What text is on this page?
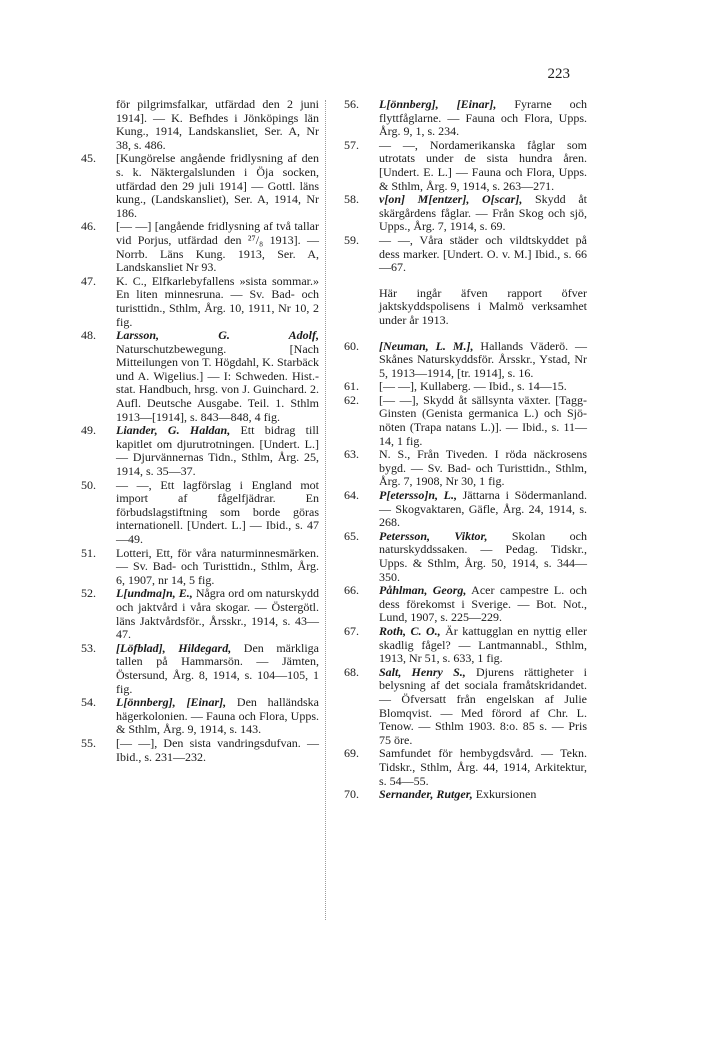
223

för pilgrimsfalkar, utfärdad den 2 juni 1914]. — K. Befhdes i Jönköpings län Kung., 1914, Landskansliet, Ser. A, Nr 38, s. 486.

45. [Kungörelse angående fridlysning af den s. k. Näktergalslunden i Öja socken, utfärdad den 29 juli 1914] — Gottl. läns kung., (Landskansliet), Ser. A, 1914, Nr 186.

46. [— —] [angående fridlysning af två tallar vid Porjus, utfärdad den ²⁷/₈ 1913]. — Norrb. Läns Kung. 1913, Ser. A, Landskansliet Nr 93.

47. K. C., Elfkarlebyfallens »sista sommar.» En liten minnesruna. — Sv. Bad- och turisttidn., Sthlm, Årg. 10, 1911, Nr 10, 2 fig.

48. Larsson, G. Adolf, Naturschutzbewegung. [Nach Mitteilungen von T. Högdahl, K. Starbäck und A. Wigelius.] — I: Schweden. Hist.-stat. Handbuch, hrsg. von J. Guinchard. 2. Aufl. Deutsche Ausgabe. Teil. 1. Sthlm 1913—[1914], s. 843—848, 4 fig.

49. Liander, G. Haldan, Ett bidrag till kapitlet om djurutrotningen. [Undert. L.] — Djurvännernas Tidn., Sthlm, Årg. 25, 1914, s. 35—37.

50. — —, Ett lagförslag i England mot import af fågelfjädrar. En förbudslagstiftning som borde göras internationell. [Undert. L.] — Ibid., s. 47—49.

51. Lotteri, Ett, för våra naturminnesmärken. — Sv. Bad- och Turisttidn., Sthlm, Årg. 6, 1907, nr 14, 5 fig.

52. L[undma]n, E., Några ord om naturskydd och jaktvård i våra skogar. — Östergötl. läns Jaktvårdsför., Årsskr., 1914, s. 43—47.

53. [Löfblad], Hildegard, Den märkliga tallen på Hammarsön. — Jämten, Östersund, Årg. 8, 1914, s. 104—105, 1 fig.

54. L[önnberg], [Einar], Den halländska hägerkolonien. — Fauna och Flora, Upps. & Sthlm, Årg. 9, 1914, s. 143.

55. [— —], Den sista vandringsdufvan. — Ibid., s. 231—232.

56. L[önnberg], [Einar], Fyrarne och flyttfåglarne. — Fauna och Flora, Upps. Årg. 9, 1, s. 234.

57. — —, Nordamerikanska fåglar som utrotats under de sista hundra åren. [Undert. E. L.] — Fauna och Flora, Upps. & Sthlm, Årg. 9, 1914, s. 263—271.

58. v[on] M[entzer], O[scar], Skydd åt skärgårdens fåglar. — Från Skog och sjö, Upps., Årg. 7, 1914, s. 69.

59. — —, Våra städer och vildtskyddet på dess marker. [Undert. O. v. M.] Ibid., s. 66—67.

Här ingår äfven rapport öfver jaktskyddspolisens i Malmö verksamhet under år 1913.

60. [Neuman, L. M.], Hallands Väderö. — Skånes Naturskyddsför. Årsskr., Ystad, Nr 5, 1913—1914, [tr. 1914], s. 16.

61. [— —], Kullaberg. — Ibid., s. 14—15.

62. [— —], Skydd åt sällsynta växter. [Tagg-Ginsten (Genista germanica L.) och Sjö-nöten (Trapa natans L.)]. — Ibid., s. 11—14, 1 fig.

63. N. S., Från Tiveden. I röda näckrosens bygd. — Sv. Bad- och Turisttidn., Sthlm, Årg. 7, 1908, Nr 30, 1 fig.

64. P[etersso]n, L., Jättarna i Södermanland. — Skogvaktaren, Gäfle, Årg. 24, 1914, s. 268.

65. Petersson, Viktor, Skolan och naturskyddssaken. — Pedag. Tidskr., Upps. & Sthlm, Årg. 50, 1914, s. 344—350.

66. Påhlman, Georg, Acer campestre L. och dess förekomst i Sverige. — Bot. Not., Lund, 1907, s. 225—229.

67. Roth, C. O., Är kattugglan en nyttig eller skadlig fågel? — Lantmannabl., Sthlm, 1913, Nr 51, s. 633, 1 fig.

68. Salt, Henry S., Djurens rättigheter i belysning af det sociala framåtskridandet. — Öfversatt från engelskan af Julie Blomqvist. — Med förord af Chr. L. Tenow. — Sthlm 1903. 8:o. 85 s. — Pris 75 öre.

69. Samfundet för hembygdsvård. — Tekn. Tidskr., Sthlm, Årg. 44, 1914, Arkitektur, s. 54—55.

70. Sernander, Rutger, Exkursionen
